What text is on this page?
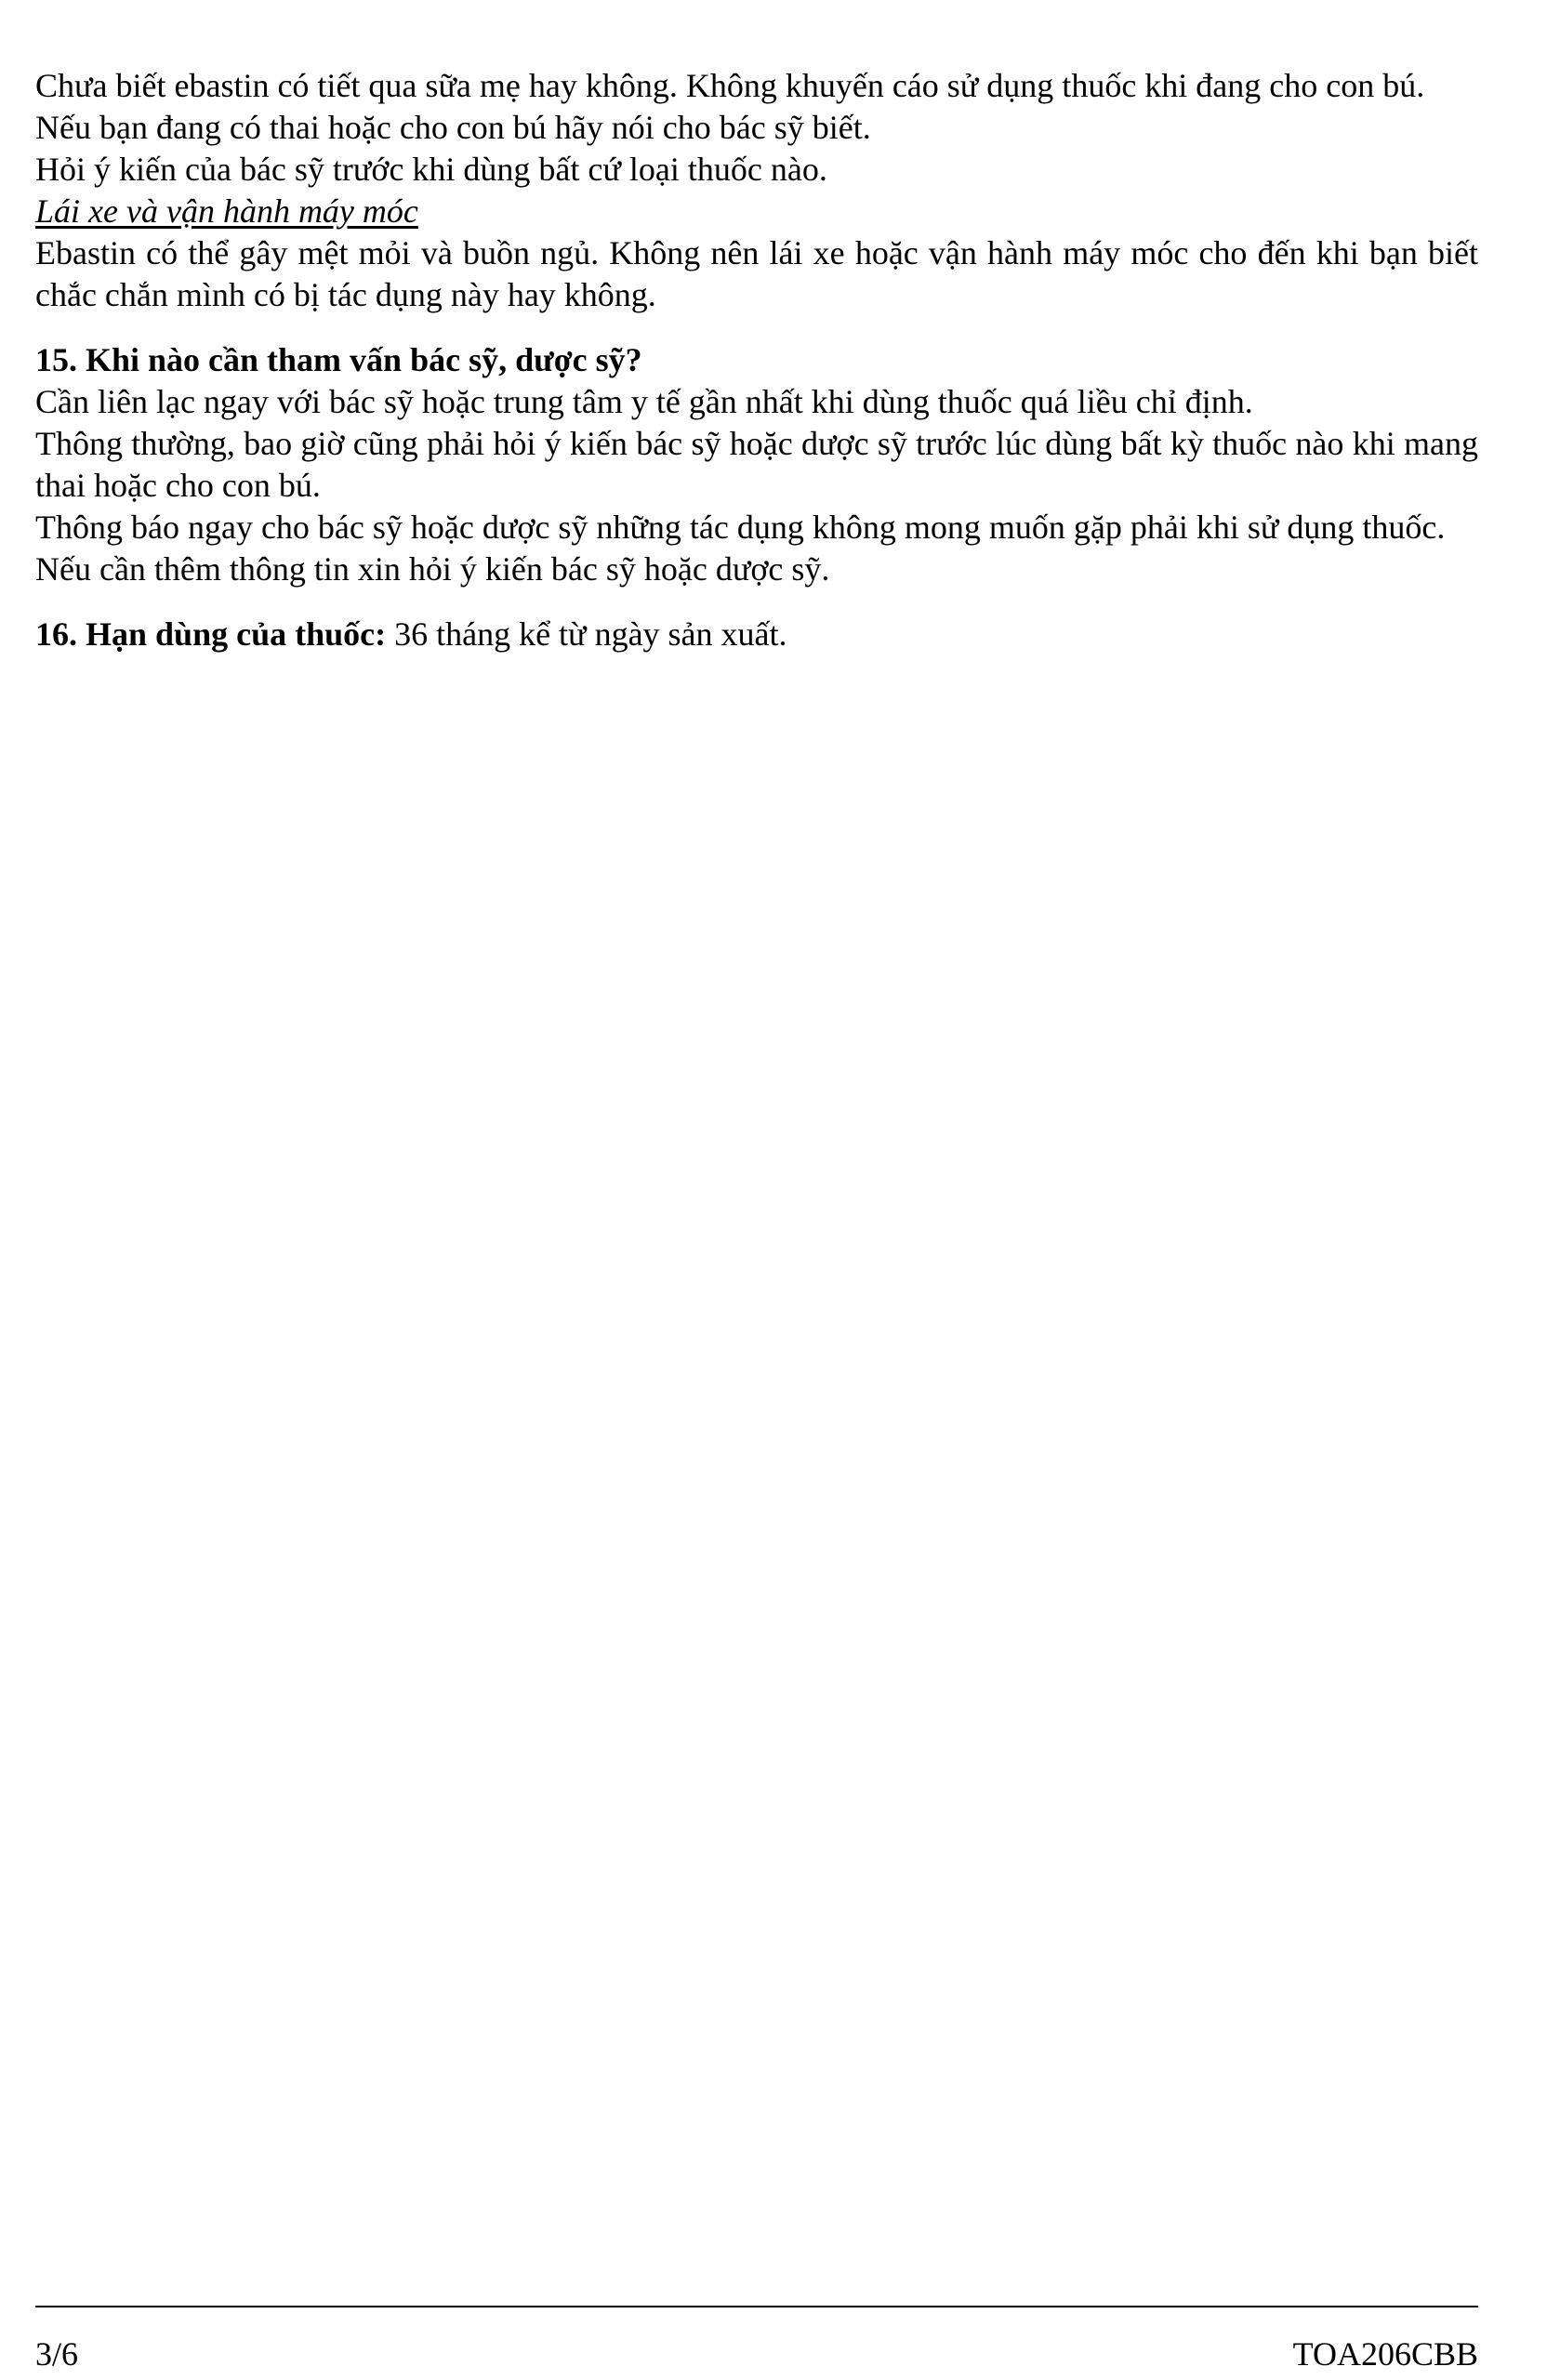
Chưa biết ebastin có tiết qua sữa mẹ hay không. Không khuyến cáo sử dụng thuốc khi đang cho con bú.

Nếu bạn đang có thai hoặc cho con bú hãy nói cho bác sỹ biết.

Hỏi ý kiến của bác sỹ trước khi dùng bất cứ loại thuốc nào.

Lái xe và vận hành máy móc

Ebastin có thể gây mệt mỏi và buồn ngủ. Không nên lái xe hoặc vận hành máy móc cho đến khi bạn biết chắc chắn mình có bị tác dụng này hay không.

15. Khi nào cần tham vấn bác sỹ, dược sỹ?

Cần liên lạc ngay với bác sỹ hoặc trung tâm y tế gần nhất khi dùng thuốc quá liều chỉ định.

Thông thường, bao giờ cũng phải hỏi ý kiến bác sỹ hoặc dược sỹ trước lúc dùng bất kỳ thuốc nào khi mang thai hoặc cho con bú.

Thông báo ngay cho bác sỹ hoặc dược sỹ những tác dụng không mong muốn gặp phải khi sử dụng thuốc.

Nếu cần thêm thông tin xin hỏi ý kiến bác sỹ hoặc dược sỹ.

16. Hạn dùng của thuốc: 36 tháng kể từ ngày sản xuất.

3/6	TOA206CBB
